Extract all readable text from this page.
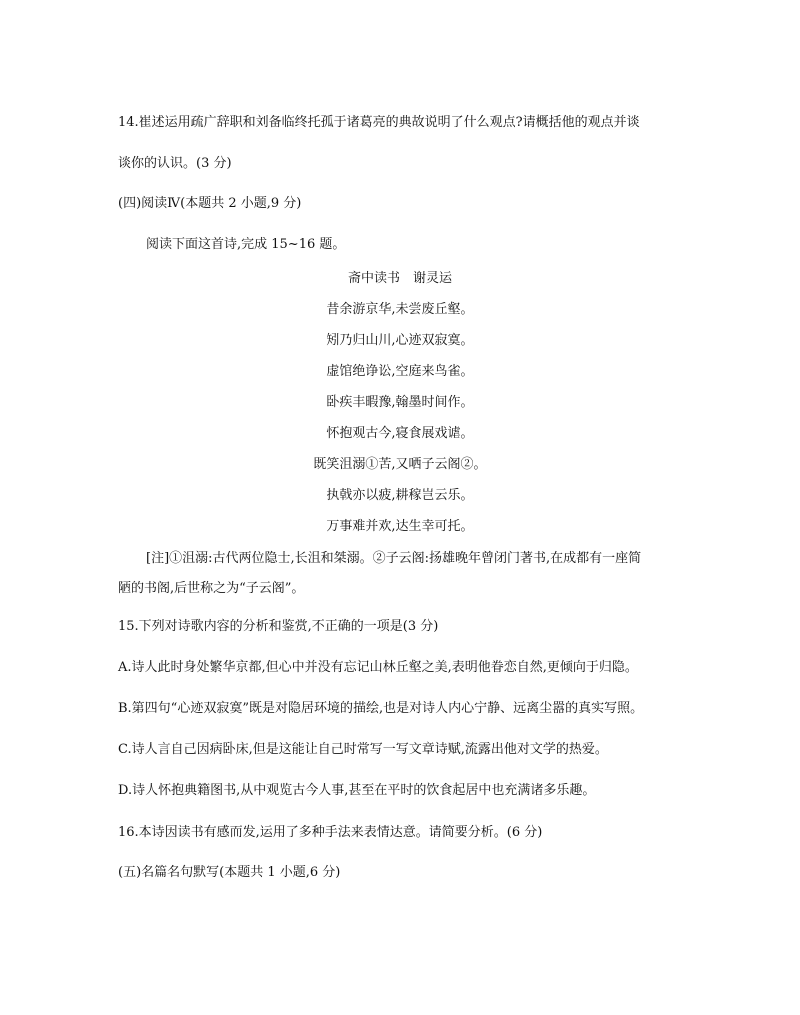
14.崔述运用疏广辞职和刘备临终托孤于诸葛亮的典故说明了什么观点?请概括他的观点并谈
谈你的认识。(3 分)
(四)阅读Ⅳ(本题共 2 小题,9 分)
阅读下面这首诗,完成 15~16 题。
斋中读书　谢灵运
昔余游京华,未尝废丘壑。
矧乃归山川,心迹双寂寞。
虚馆绝诤讼,空庭来鸟雀。
卧疾丰暇豫,翰墨时间作。
怀抱观古今,寝食展戏谑。
既笑沮溺①苦,又哂子云阁②。
执戟亦以疲,耕稼岂云乐。
万事难并欢,达生幸可托。
[注]①沮溺:古代两位隐士,长沮和桀溺。②子云阁:扬雄晚年曾闭门著书,在成都有一座简
陋的书阁,后世称之为“子云阁”。
15.下列对诗歌内容的分析和鉴赏,不正确的一项是(3 分)
A.诗人此时身处繁华京都,但心中并没有忘记山林丘壑之美,表明他眷恋自然,更倾向于归隐。
B.第四句“心迹双寂寞”既是对隐居环境的描绘,也是对诗人内心宁静、远离尘嚣的真实写照。
C.诗人言自己因病卧床,但是这能让自己时常写一写文章诗赋,流露出他对文学的热爱。
D.诗人怀抱典籍图书,从中观览古今人事,甚至在平时的饮食起居中也充满诸多乐趣。
16.本诗因读书有感而发,运用了多种手法来表情达意。请简要分析。(6 分)
(五)名篇名句默写(本题共 1 小题,6 分)
